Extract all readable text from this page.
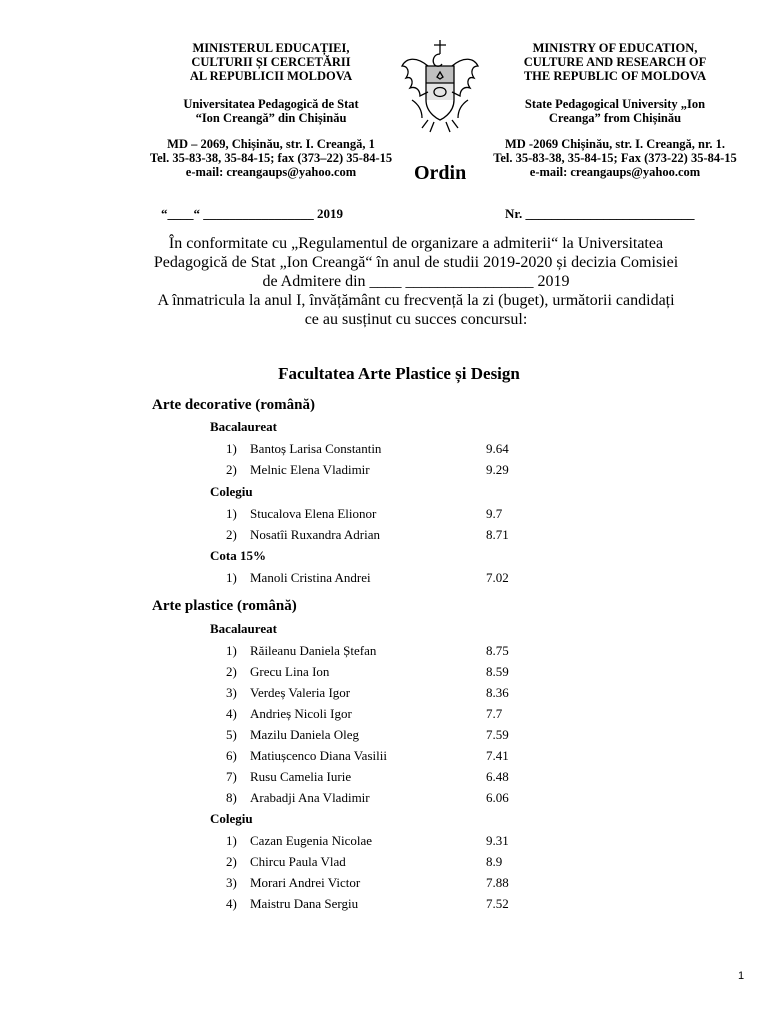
MINISTERUL EDUCAȚIEI,
CULTURII ȘI CERCETĂRII
AL REPUBLICII MOLDOVA
Universitatea Pedagogică de Stat
“Ion Creangă” din Chișinău
MD – 2069, Chișinău, str. I. Creangă, 1
Tel. 35-83-38, 35-84-15; fax (373–22) 35-84-15
e-mail: creangaups@yahoo.com
MINISTRY OF EDUCATION,
CULTURE AND RESEARCH OF
THE REPUBLIC OF MOLDOVA
State Pedagogical University „Ion
Creanga” from Chișinău
MD -2069 Chișinău, str. I. Creangă, nr. 1.
Tel. 35-83-38, 35-84-15; Fax (373-22) 35-84-15
e-mail: creangaups@yahoo.com
Ordin
“____“ _________________ 2019	Nr. __________________________
În conformitate cu „Regulamentul de organizare a admiterii“ la Universitatea
Pedagogică de Stat „Ion Creangă“ în anul de studii 2019-2020 și decizia Comisiei
de Admitere din ____ ________________ 2019
A înmatricula la anul I, învățământ cu frecvență la zi (buget), următorii candidați
ce au susținut cu succes concursul:
Facultatea Arte Plastice și Design
Arte decorative (română)
Bacalaureat
1) Bantoș Larisa Constantin	9.64
2) Melnic Elena Vladimir	9.29
Colegiu
1) Stucalova Elena Elionor	9.7
2) Nosatîi Ruxandra Adrian	8.71
Cota 15%
1) Manoli Cristina Andrei	7.02
Arte plastice (română)
Bacalaureat
1) Răileanu Daniela Ștefan	8.75
2) Grecu Lina Ion	8.59
3) Verdeș Valeria Igor	8.36
4) Andrieș Nicoli Igor	7.7
5) Mazilu Daniela Oleg	7.59
6) Matiușcenco Diana Vasilii	7.41
7) Rusu Camelia Iurie	6.48
8) Arabadji Ana Vladimir	6.06
Colegiu
1) Cazan Eugenia Nicolae	9.31
2) Chircu Paula Vlad	8.9
3) Morari Andrei Victor	7.88
4) Maistru Dana Sergiu	7.52
1
